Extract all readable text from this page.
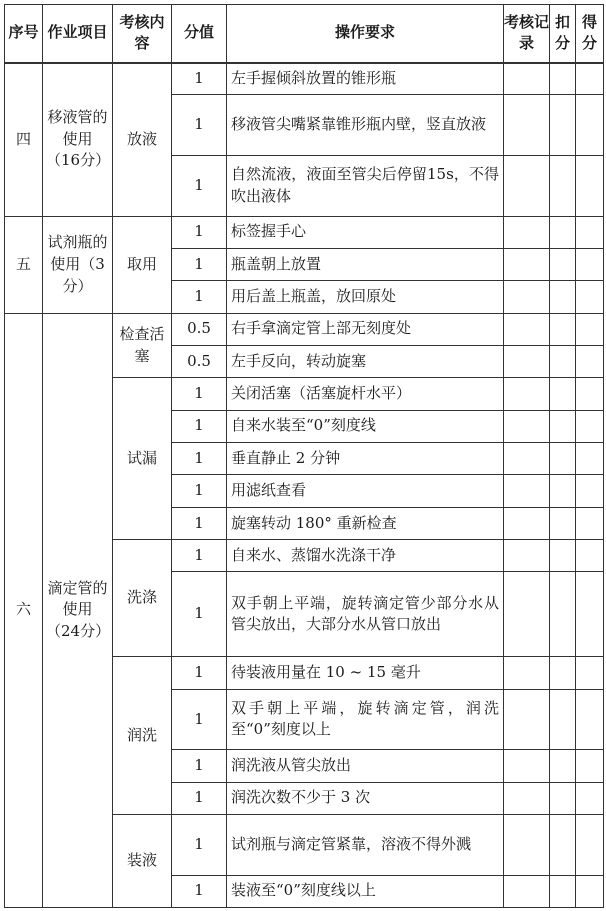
序号	作业项目	考核内容	分值	操作要求	考核记录	扣分	得分
四	移液管的使用（16分）	放液	1	左手握倾斜放置的锥形瓶			
			1	移液管尖嘴紧靠锥形瓶内壁，竖直放液			
			1	自然流液，液面至管尖后停留15s，不得吹出液体			
五	试剂瓶的使用（3分）	取用	1	标签握手心			
			1	瓶盖朝上放置			
			1	用后盖上瓶盖，放回原处			
六	滴定管的使用（24分）	检查活塞	0.5	右手拿滴定管上部无刻度处			
			0.5	左手反向，转动旋塞			
		试漏	1	关闭活塞（活塞旋杆水平）			
			1	自来水装至“0”刻度线			
			1	垂直静止 2 分钟			
			1	用滤纸查看			
			1	旋塞转动 180° 重新检查			
		洗涤	1	自来水、蒸馏水洗涤干净			
			1	双手朝上平端，旋转滴定管少部分水从管尖放出，大部分水从管口放出			
		润洗	1	待装液用量在 10 ~ 15 毫升			
			1	双手朝上平端，旋转滴定管，润洗至“0”刻度以上			
			1	润洗液从管尖放出			
			1	润洗次数不少于 3 次			
		装液	1	试剂瓶与滴定管紧靠，溶液不得外溅			
			1	装液至“0”刻度线以上			
